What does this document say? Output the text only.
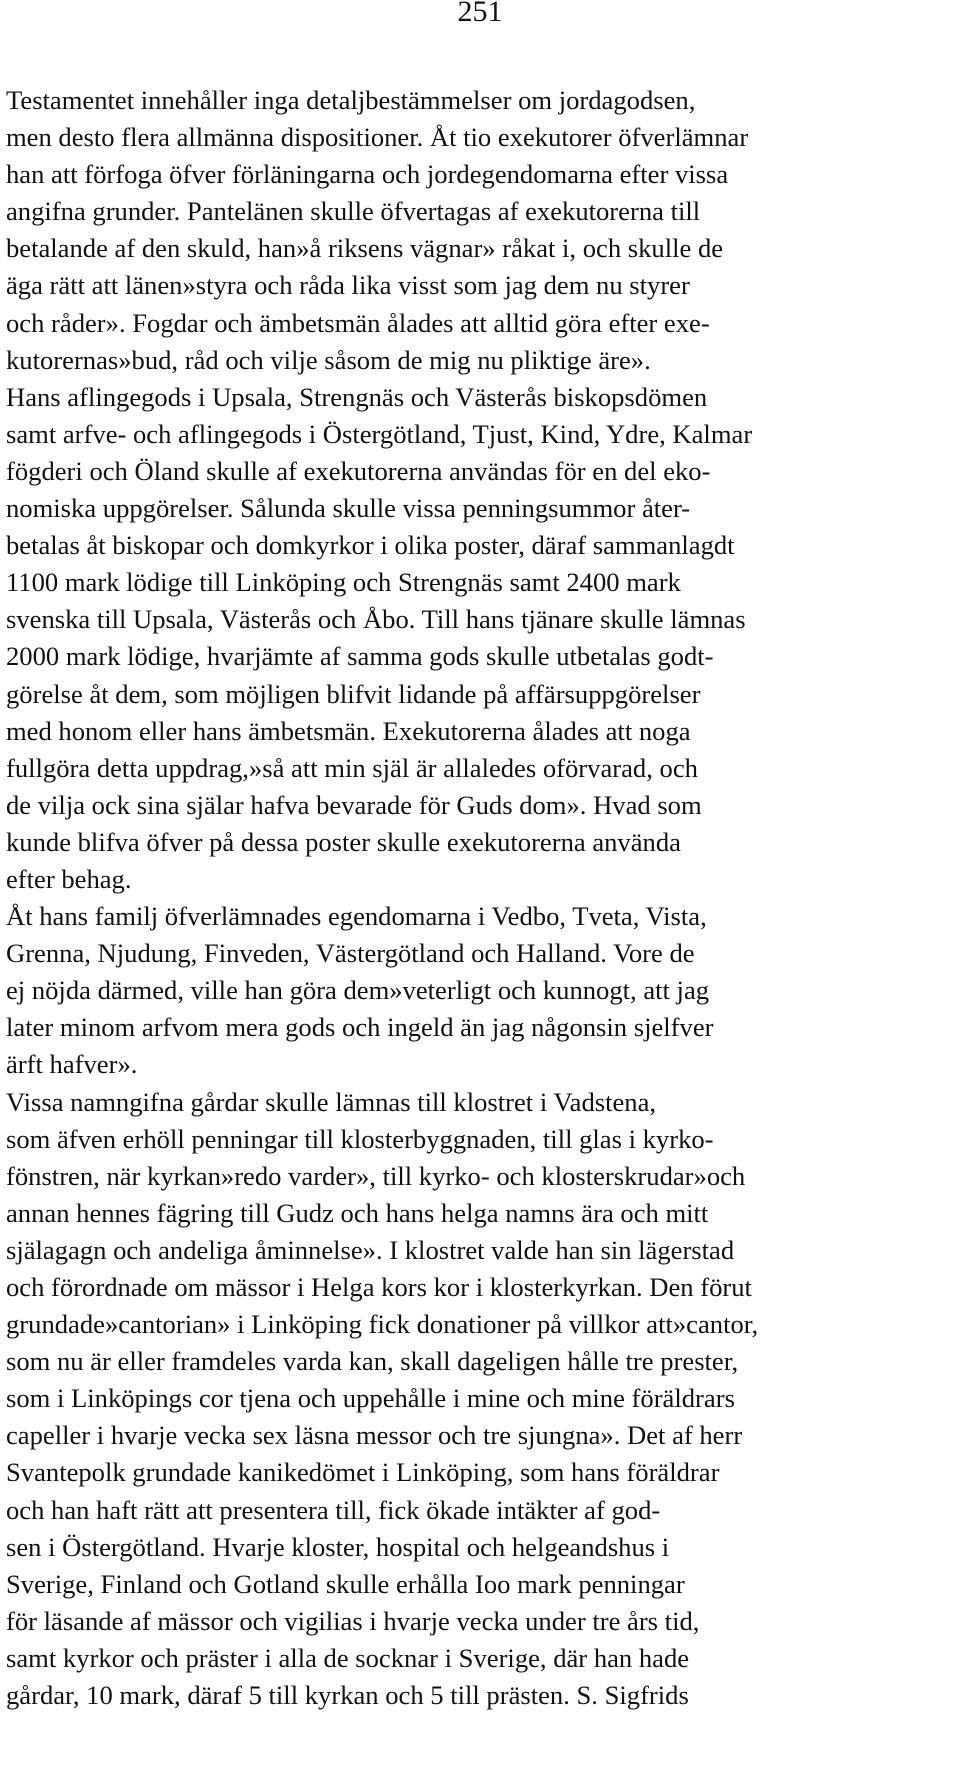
251
Testamentet innehåller inga detaljbestämmelser om jordagodsen,
men desto flera allmänna dispositioner. Åt tio exekutorer öfverlämnar
han att förfoga öfver förläningarna och jordegendomarna efter vissa
angifna grunder. Pantelänen skulle öfvertagas af exekutorerna till
betalande af den skuld, han»å riksens vägnar» råkat i, och skulle de
äga rätt att länen»styra och råda lika visst som jag dem nu styrer
och råder». Fogdar och ämbetsmän ålades att alltid göra efter exe-
kutorernas»bud, råd och vilje såsom de mig nu pliktige äre».
Hans aflingegods i Upsala, Strengnäs och Västerås biskopsdömen
samt arfve- och aflingegods i Östergötland, Tjust, Kind, Ydre, Kalmar
fögderi och Öland skulle af exekutorerna användas för en del eko-
nomiska uppgörelser. Sålunda skulle vissa penningsummor åter-
betalas åt biskopar och domkyrkor i olika poster, däraf sammanlagdt
1100 mark lödige till Linköping och Strengnäs samt 2400 mark
svenska till Upsala, Västerås och Åbo. Till hans tjänare skulle lämnas
2000 mark lödige, hvarjämte af samma gods skulle utbetalas godt-
görelse åt dem, som möjligen blifvit lidande på affärsuppgörelser
med honom eller hans ämbetsmän. Exekutorerna ålades att noga
fullgöra detta uppdrag,»så att min själ är allaledes oförvarad, och
de vilja ock sina själar hafva bevarade för Guds dom». Hvad som
kunde blifva öfver på dessa poster skulle exekutorerna använda
efter behag.
Åt hans familj öfverlämnades egendomarna i Vedbo, Tveta, Vista,
Grenna, Njudung, Finveden, Västergötland och Halland. Vore de
ej nöjda därmed, ville han göra dem»veterligt och kunnogt, att jag
later minom arfvom mera gods och ingeld än jag någonsin sjelfver
ärft hafver».
Vissa namngifna gårdar skulle lämnas till klostret i Vadstena,
som äfven erhöll penningar till klosterbyggnaden, till glas i kyrko-
fönstren, när kyrkan»redo varder», till kyrko- och klosterskrudar»och
annan hennes fägring till Gudz och hans helga namns ära och mitt
själagagn och andeliga åminnelse». I klostret valde han sin lägerstad
och förordnade om mässor i Helga kors kor i klosterkyrkan. Den förut
grundade»cantorian» i Linköping fick donationer på villkor att»cantor,
som nu är eller framdeles varda kan, skall dageligen hålle tre prester,
som i Linköpings cor tjena och uppehålle i mine och mine föräldrars
capeller i hvarje vecka sex läsna messor och tre sjungna». Det af herr
Svantepolk grundade kanikedömet i Linköping, som hans föräldrar
och han haft rätt att presentera till, fick ökade intäkter af god-
sen i Östergötland. Hvarje kloster, hospital och helgeandshus i
Sverige, Finland och Gotland skulle erhålla Ioo mark penningar
för läsande af mässor och vigilias i hvarje vecka under tre års tid,
samt kyrkor och präster i alla de socknar i Sverige, där han hade
gårdar, 10 mark, däraf 5 till kyrkan och 5 till prästen. S. Sigfrids
